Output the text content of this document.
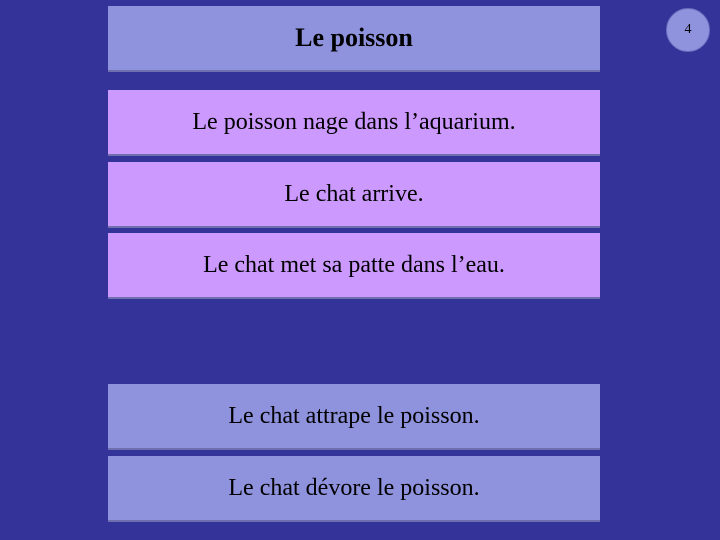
Le poisson	4
Le poisson nage dans l’aquarium.
Le chat arrive.
Le chat met sa patte dans l’eau.
Le chat attrape le poisson.
Le chat dévore le poisson.
